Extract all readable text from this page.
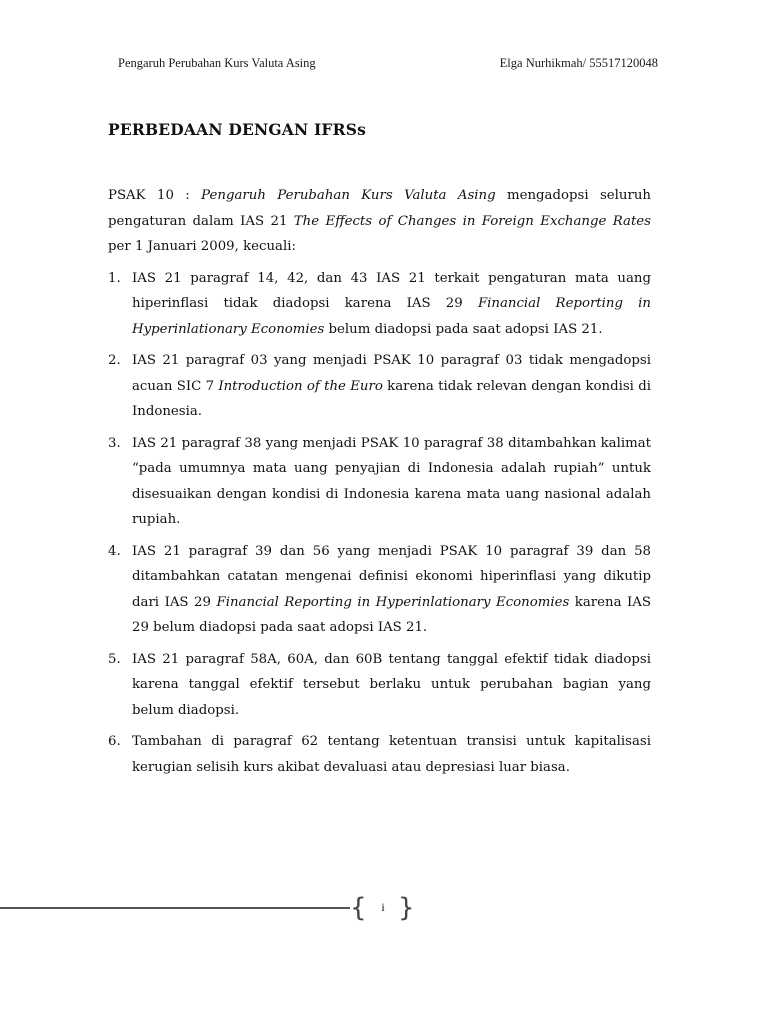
Pengaruh Perubahan Kurs Valuta Asing	Elga Nurhikmah/ 55517120048
PERBEDAAN DENGAN IFRSs

PSAK 10 : Pengaruh Perubahan Kurs Valuta Asing mengadopsi seluruh pengaturan dalam IAS 21 The Effects of Changes in Foreign Exchange Rates per 1 Januari 2009, kecuali:

1. IAS 21 paragraf 14, 42, dan 43 IAS 21 terkait pengaturan mata uang hiperinflasi tidak diadopsi karena IAS 29 Financial Reporting in Hyperinlationary Economies belum diadopsi pada saat adopsi IAS 21.
2. IAS 21 paragraf 03 yang menjadi PSAK 10 paragraf 03 tidak mengadopsi acuan SIC 7 Introduction of the Euro karena tidak relevan dengan kondisi di Indonesia.
3. IAS 21 paragraf 38 yang menjadi PSAK 10 paragraf 38 ditambahkan kalimat “pada umumnya mata uang penyajian di Indonesia adalah rupiah” untuk disesuaikan dengan kondisi di Indonesia karena mata uang nasional adalah rupiah.
4. IAS 21 paragraf 39 dan 56 yang menjadi PSAK 10 paragraf 39 dan 58 ditambahkan catatan mengenai definisi ekonomi hiperinflasi yang dikutip dari IAS 29 Financial Reporting in Hyperinlationary Economies karena IAS 29 belum diadopsi pada saat adopsi IAS 21.
5. IAS 21 paragraf 58A, 60A, dan 60B tentang tanggal efektif tidak diadopsi karena tanggal efektif tersebut berlaku untuk perubahan bagian yang belum diadopsi.
6. Tambahan di paragraf 62 tentang ketentuan transisi untuk kapitalisasi kerugian selisih kurs akibat devaluasi atau depresiasi luar biasa.
{	i }
